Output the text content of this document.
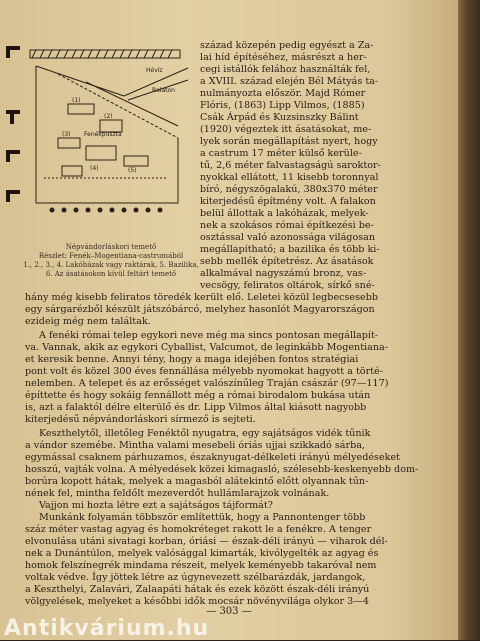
Hévíz
Balaton
Fenékpuszta
(1)
(2)
(3)
(4)	(5)
Népvándorláskori temető
Részlet: Fenék–Mogentiana-castrumából
1., 2., 3., 4. Lakóházak vagy raktárak, 5. Bazilika,
6. Az ásatásokon kívül feltárt temető
század közepén pedig egyészt a Za-
lai híd építéséhez, másrészt a her-
cegi istállók felához használták fel,
a XVIII. század elején Bél Mátyás ta-
nulmányozta először. Majd Rómer
Flóris, (1863) Lipp Vilmos, (1885)
Csák Árpád és Kuzsinszky Bálint
(1920) végeztek itt ásatásokat, me-
lyek során megállapítást nyert, hogy
a castrum 17 méter külső kerüle-
tű, 2,6 méter falvastagságú saroktor-
nyokkal ellátott, 11 kisebb toronnyal
bíró, négyszögalakú, 380x370 méter
kiterjedésű építmény volt. A falakon
belül állottak a lakóházak, melyek-
nek a szokásos római építkezési be-
osztással való azonossága világosan
megállapítható; a bazilika és több ki-
sebb mellék építetrész. Az ásatások
alkalmával nagyszámú bronz, vas-
vecsögy, feliratos oltárok, sírkő sné-
hány még kisebb feliratos töredék került elő. Leletei közül legbecsesebb
egy sárgarézből készült játszóbárcó, melyhez hasonlót Magyarországon
ezideig még nem találtak.
A fenéki római telep egykori neve még ma sincs pontosan megállapít-
va. Vannak, akik az egykori Cyballist, Valcumot, de leginkább Mogentiana-
et keresik benne. Annyi tény, hogy a maga idejében fontos stratégiai
pont volt és közel 300 éves fennállása mélyebb nyomokat hagyott a törté-
nelemben. A telepet és az erősséget valószínűleg Traján császár (97—117)
építtette és hogy sokáig fennállott még a római birodalom bukása után
is, azt a falaktól délre elterülő és dr. Lipp Vilmos által kiásott nagyobb
kiterjedésű népvándorláskori sírmező is sejteti.
Keszthelytől, illetőleg Fenéktől nyugatra, egy sajátságos vidék tűnik
a vándor szemébe. Mintha valami mesebeli óriás ujjai szikkadó sárba,
egymással csaknem párhuzamos, északnyugat-délkeleti irányú mélyedéseket
hosszú, vajták volna. A mélyedések közei kimagasló, szélesebb-keskenyebb dom-
borúra kopott hátak, melyek a magasból alátekintő előtt olyannak tűn-
nének fel, mintha feldőlt mezeverdőt hullámlarajzok volnának.
Vajjon mi hozta létre ezt a sajátságos tájformát?
Munkánk folyamán többször említettük, hogy a Pannontenger több
száz méter vastag agyag és homokréteget rakott le a fenékre. A tenger
elvonulása utáni sivatagi korban, óriási — észak-déli irányú — viharok dél-
nek a Dunántúlon, melyek valósággal kimarták, kivólygelték az agyag és
homok felszínegrék mindama részeit, melyek keményebb takaróval nem
voltak védve. Így jöttek létre az úgynevezett szélbarázdák, jardangok,
a Keszthelyi, Zalavári, Zalaapáti hátak és ezek között észak-déli irányú
völgyelések, melyeket a későbbi idők mocsár növényvilága olykor 3—4
— 303 —
Antikvárium.hu
